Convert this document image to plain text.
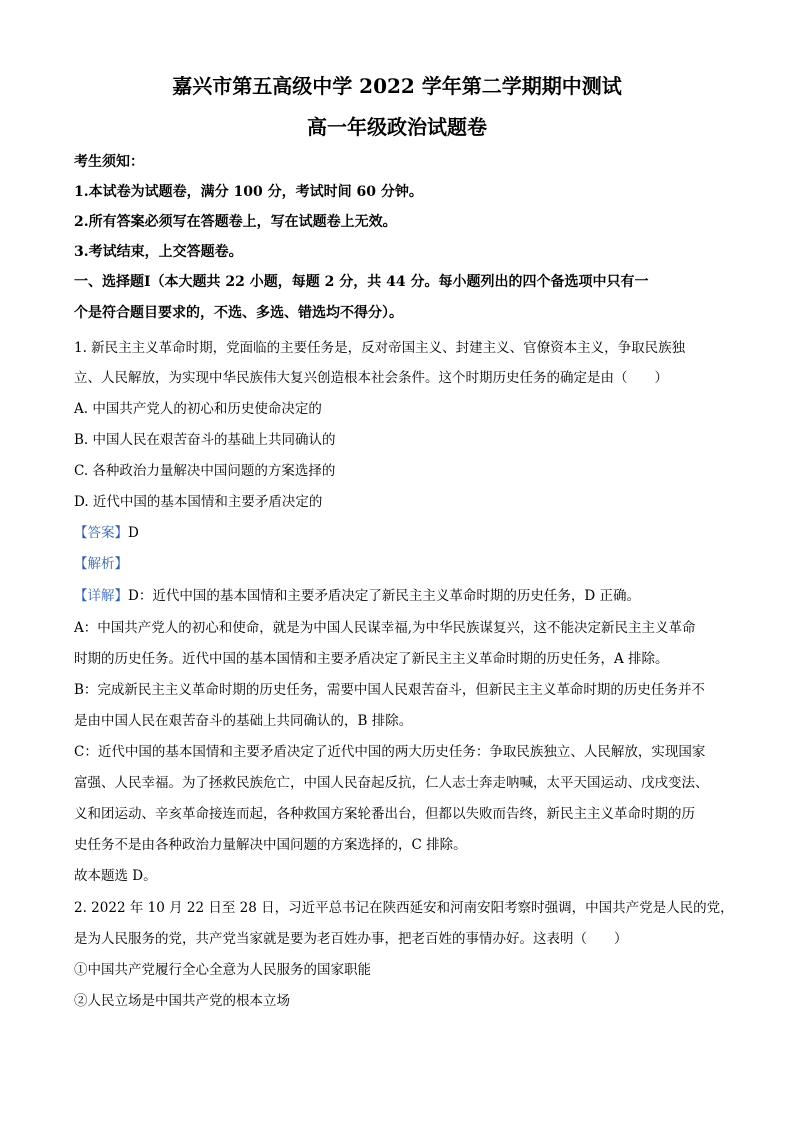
嘉兴市第五高级中学 2022 学年第二学期期中测试
高一年级政治试题卷
考生须知：
1.本试卷为试题卷，满分 100 分，考试时间 60 分钟。
2.所有答案必须写在答题卷上，写在试题卷上无效。
3.考试结束，上交答题卷。
一、选择题Ⅰ（本大题共 22 小题，每题 2 分，共 44 分。每小题列出的四个备选项中只有一
个是符合题目要求的，不选、多选、错选均不得分）。
1. 新民主主义革命时期，党面临的主要任务是，反对帝国主义、封建主义、官僚资本主义，争取民族独
立、人民解放，为实现中华民族伟大复兴创造根本社会条件。这个时期历史任务的确定是由（　　）
A. 中国共产党人的初心和历史使命决定的
B. 中国人民在艰苦奋斗的基础上共同确认的
C. 各种政治力量解决中国问题的方案选择的
D. 近代中国的基本国情和主要矛盾决定的
【答案】D
【解析】
【详解】D：近代中国的基本国情和主要矛盾决定了新民主主义革命时期的历史任务，D 正确。
A：中国共产党人的初心和使命，就是为中国人民谋幸福,为中华民族谋复兴，这不能决定新民主主义革命
时期的历史任务。近代中国的基本国情和主要矛盾决定了新民主主义革命时期的历史任务，A 排除。
B：完成新民主主义革命时期的历史任务，需要中国人民艰苦奋斗，但新民主主义革命时期的历史任务并不
是由中国人民在艰苦奋斗的基础上共同确认的，B 排除。
C：近代中国的基本国情和主要矛盾决定了近代中国的两大历史任务：争取民族独立、人民解放，实现国家
富强、人民幸福。为了拯救民族危亡，中国人民奋起反抗，仁人志士奔走呐喊，太平天国运动、戊戌变法、
义和团运动、辛亥革命接连而起，各种救国方案轮番出台，但都以失败而告终，新民主主义革命时期的历
史任务不是由各种政治力量解决中国问题的方案选择的，C 排除。
故本题选 D。
2. 2022 年 10 月 22 日至 28 日，习近平总书记在陕西延安和河南安阳考察时强调，中国共产党是人民的党，
是为人民服务的党，共产党当家就是要为老百姓办事，把老百姓的事情办好。这表明（　　）
①中国共产党履行全心全意为人民服务的国家职能
②人民立场是中国共产党的根本立场
